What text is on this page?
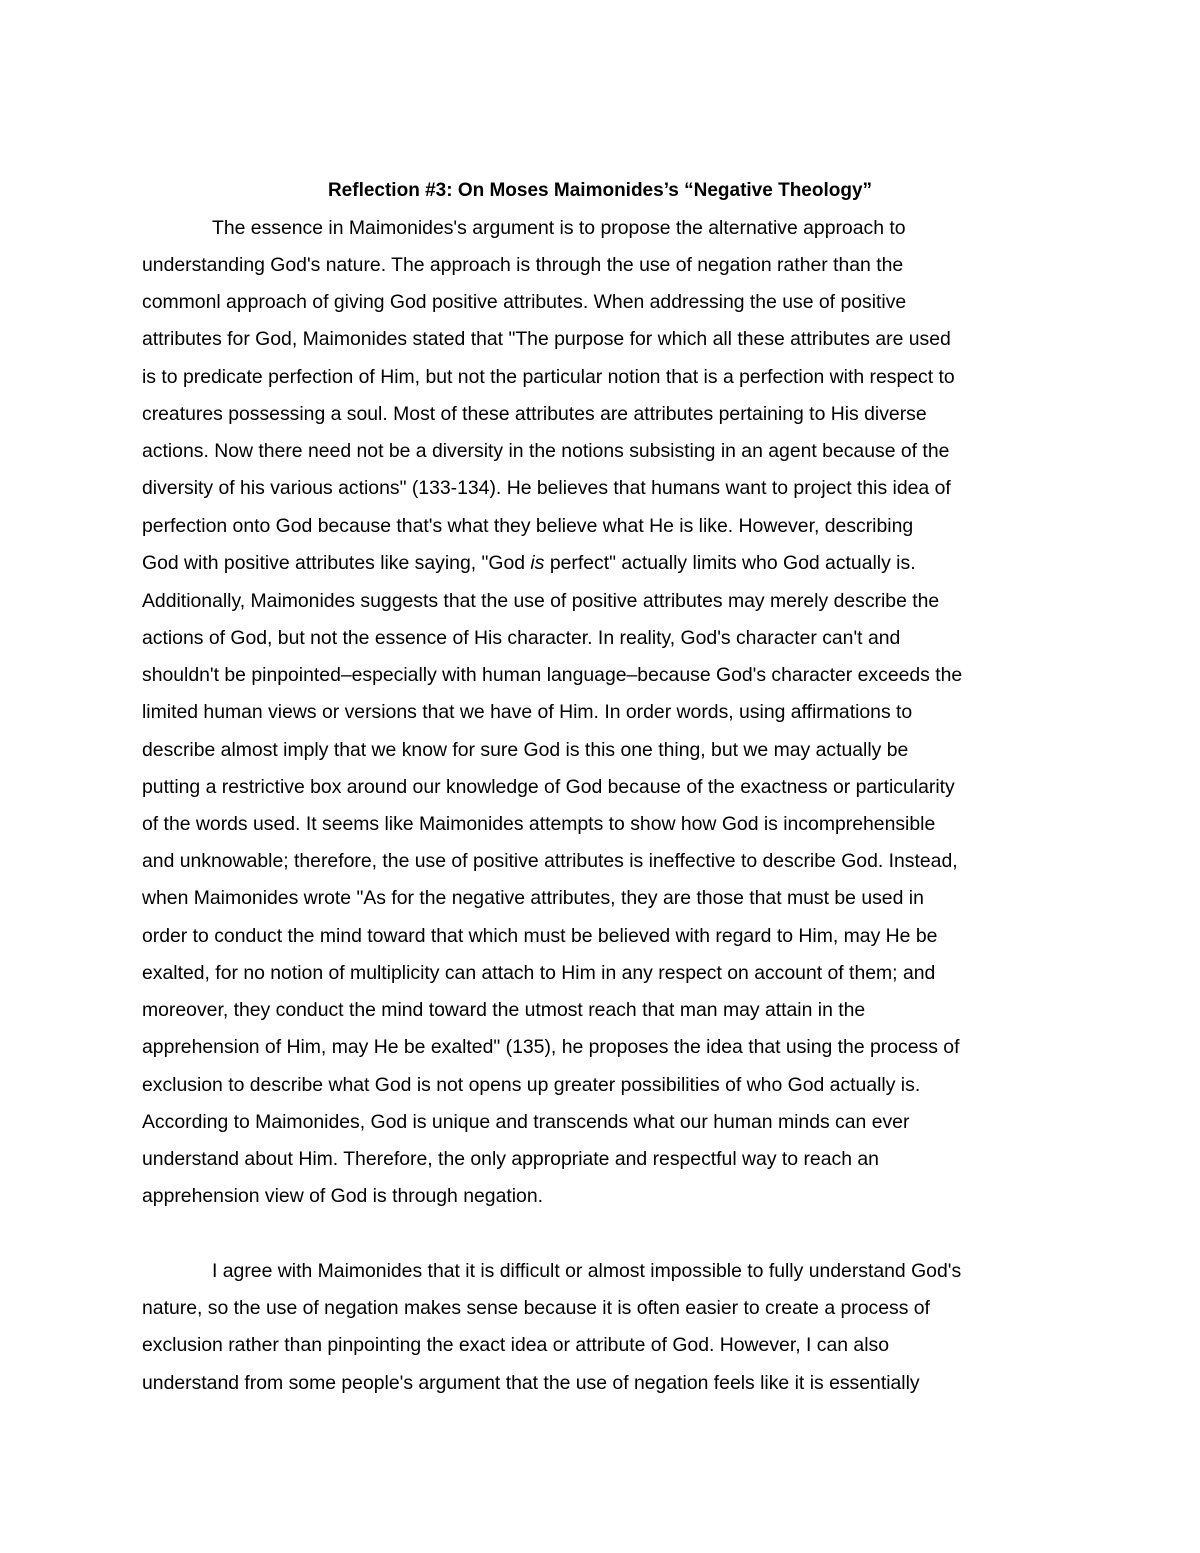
Reflection #3: On Moses Maimonides’s “Negative Theology”
The essence in Maimonides's argument is to propose the alternative approach to
understanding God's nature. The approach is through the use of negation rather than the
commonl approach of giving God positive attributes. When addressing the use of positive
attributes for God, Maimonides stated that "The purpose for which all these attributes are used
is to predicate perfection of Him, but not the particular notion that is a perfection with respect to
creatures possessing a soul. Most of these attributes are attributes pertaining to His diverse
actions. Now there need not be a diversity in the notions subsisting in an agent because of the
diversity of his various actions" (133-134). He believes that humans want to project this idea of
perfection onto God because that's what they believe what He is like. However, describing
God with positive attributes like saying, "God is perfect" actually limits who God actually is.
Additionally, Maimonides suggests that the use of positive attributes may merely describe the
actions of God, but not the essence of His character. In reality, God's character can't and
shouldn't be pinpointed–especially with human language–because God's character exceeds the
limited human views or versions that we have of Him. In order words, using affirmations to
describe almost imply that we know for sure God is this one thing, but we may actually be
putting a restrictive box around our knowledge of God because of the exactness or particularity
of the words used. It seems like Maimonides attempts to show how God is incomprehensible
and unknowable; therefore, the use of positive attributes is ineffective to describe God. Instead,
when Maimonides wrote "As for the negative attributes, they are those that must be used in
order to conduct the mind toward that which must be believed with regard to Him, may He be
exalted, for no notion of multiplicity can attach to Him in any respect on account of them; and
moreover, they conduct the mind toward the utmost reach that man may attain in the
apprehension of Him, may He be exalted" (135), he proposes the idea that using the process of
exclusion to describe what God is not opens up greater possibilities of who God actually is.
According to Maimonides, God is unique and transcends what our human minds can ever
understand about Him. Therefore, the only appropriate and respectful way to reach an
apprehension view of God is through negation.
I agree with Maimonides that it is difficult or almost impossible to fully understand God's
nature, so the use of negation makes sense because it is often easier to create a process of
exclusion rather than pinpointing the exact idea or attribute of God. However, I can also
understand from some people's argument that the use of negation feels like it is essentially
